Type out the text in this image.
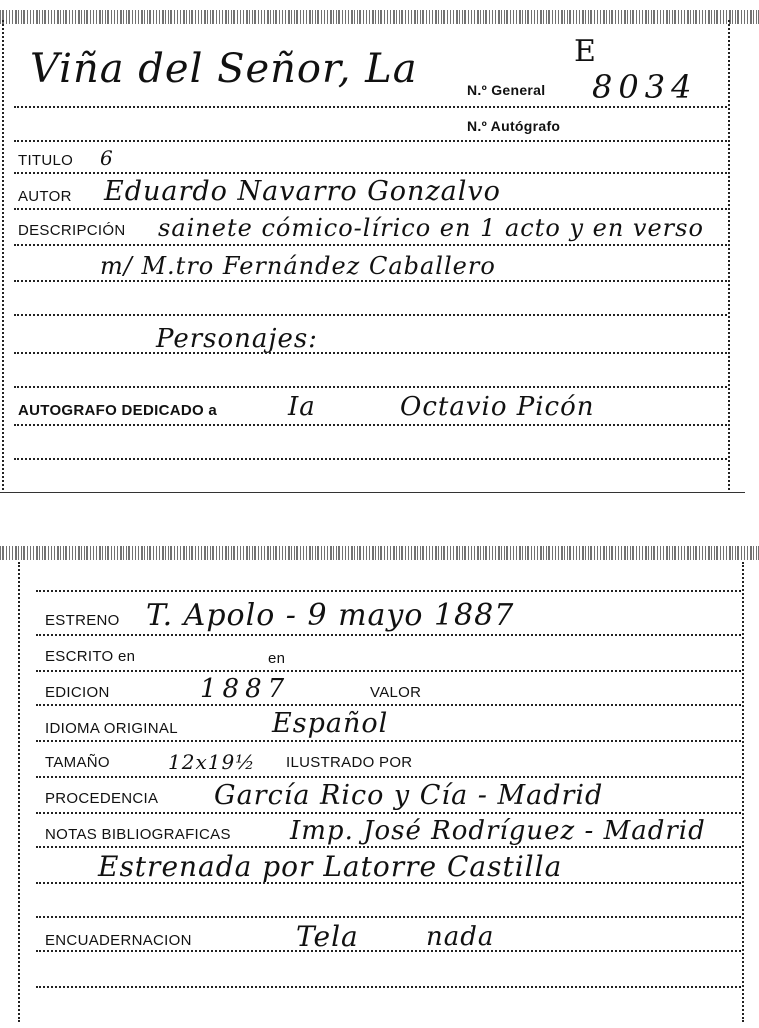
Viña del Señor, La	E
N.º General 8034
N.º Autógrafo
TITULO 6
AUTOR Eduardo Navarro Gonzalvo
DESCRIPCIÓN sainete cómico-lírico en 1 acto y en verso
m/ M.tro Fernández Caballero
Personajes:
AUTOGRAFO DEDICADO a	Ia	Octavio Picón
ESTRENO T. Apolo - 9 mayo 1887
ESCRITO en	en
EDICION	1887	VALOR
IDIOMA ORIGINAL	Español
TAMAÑO	12x19½ ILUSTRADO POR
PROCEDENCIA García Rico y Cía - Madrid
NOTAS BIBLIOGRAFICAS Imp. José Rodríguez - Madrid
Estrenada por Latorre Castilla
ENCUADERNACION	Tela	nada
